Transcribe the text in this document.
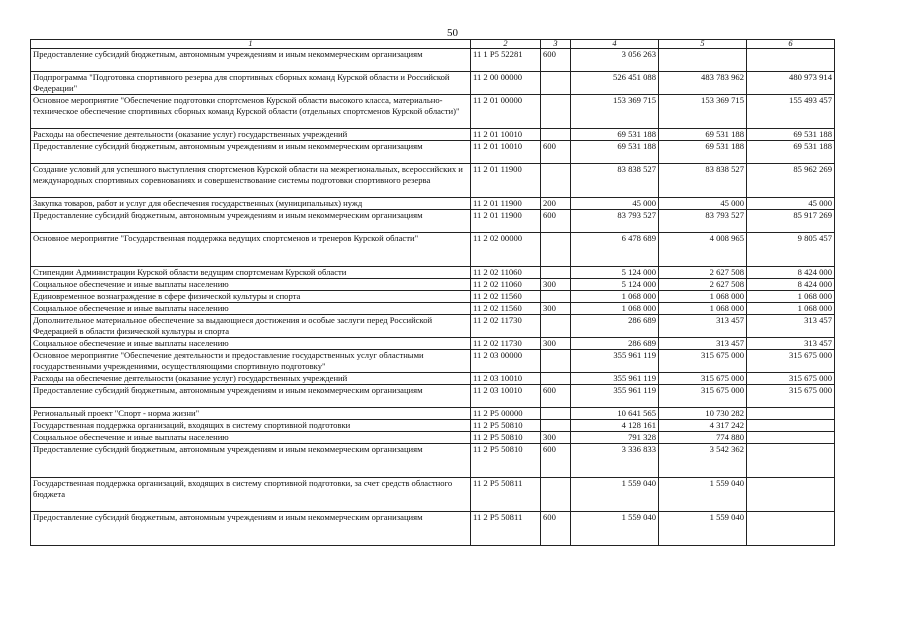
50
1	2	3	4	5	6
Предоставление субсидий бюджетным, автономным учреждениям и иным некоммерческим организациям	11 1 P5 52281	600	3 056 263		
Подпрограмма "Подготовка спортивного резерва для спортивных сборных команд Курской области и Российской Федерации"	11 2 00 00000		526 451 088	483 783 962	480 973 914
Основное мероприятие "Обеспечение подготовки спортсменов Курской области высокого класса, материально-техническое обеспечение спортивных сборных команд Курской области (отдельных спортсменов Курской области)"	11 2 01 00000		153 369 715	153 369 715	155 493 457
Расходы на обеспечение деятельности (оказание услуг) государственных учреждений	11 2 01 10010		69 531 188	69 531 188	69 531 188
Предоставление субсидий бюджетным, автономным учреждениям и иным некоммерческим организациям	11 2 01 10010	600	69 531 188	69 531 188	69 531 188
Создание условий для успешного выступления спортсменов Курской области на межрегиональных, всероссийских и международных спортивных соревнованиях и совершенствование системы подготовки спортивного резерва	11 2 01 11900		83 838 527	83 838 527	85 962 269
Закупка товаров, работ и услуг для обеспечения государственных (муниципальных) нужд	11 2 01 11900	200	45 000	45 000	45 000
Предоставление субсидий бюджетным, автономным учреждениям и иным некоммерческим организациям	11 2 01 11900	600	83 793 527	83 793 527	85 917 269
Основное мероприятие "Государственная поддержка ведущих спортсменов и тренеров Курской области"	11 2 02 00000		6 478 689	4 008 965	9 805 457
Стипендии Администрации Курской области ведущим спортсменам Курской области	11 2 02 11060		5 124 000	2 627 508	8 424 000
Социальное обеспечение и иные выплаты населению	11 2 02 11060	300	5 124 000	2 627 508	8 424 000
Единовременное вознаграждение в сфере физической культуры и спорта	11 2 02 11560		1 068 000	1 068 000	1 068 000
Социальное обеспечение и иные выплаты населению	11 2 02 11560	300	1 068 000	1 068 000	1 068 000
Дополнительное материальное обеспечение за выдающиеся достижения и особые заслуги перед Российской Федерацией в области физической культуры и спорта	11 2 02 11730		286 689	313 457	313 457
Социальное обеспечение и иные выплаты населению	11 2 02 11730	300	286 689	313 457	313 457
Основное мероприятие "Обеспечение деятельности и предоставление государственных услуг областными государственными учреждениями, осуществляющими спортивную подготовку"	11 2 03 00000		355 961 119	315 675 000	315 675 000
Расходы на обеспечение деятельности (оказание услуг) государственных учреждений	11 2 03 10010		355 961 119	315 675 000	315 675 000
Предоставление субсидий бюджетным, автономным учреждениям и иным некоммерческим организациям	11 2 03 10010	600	355 961 119	315 675 000	315 675 000
Региональный проект "Спорт - норма жизни"	11 2 P5 00000		10 641 565	10 730 282	
Государственная поддержка организаций, входящих в систему спортивной подготовки	11 2 P5 50810		4 128 161	4 317 242	
Социальное обеспечение и иные выплаты населению	11 2 P5 50810	300	791 328	774 880	
Предоставление субсидий бюджетным, автономным учреждениям и иным некоммерческим организациям	11 2 P5 50810	600	3 336 833	3 542 362	
Государственная поддержка организаций, входящих в систему спортивной подготовки, за счет средств областного бюджета	11 2 P5 50811		1 559 040	1 559 040	
Предоставление субсидий бюджетным, автономным учреждениям и иным некоммерческим организациям	11 2 P5 50811	600	1 559 040	1 559 040	
